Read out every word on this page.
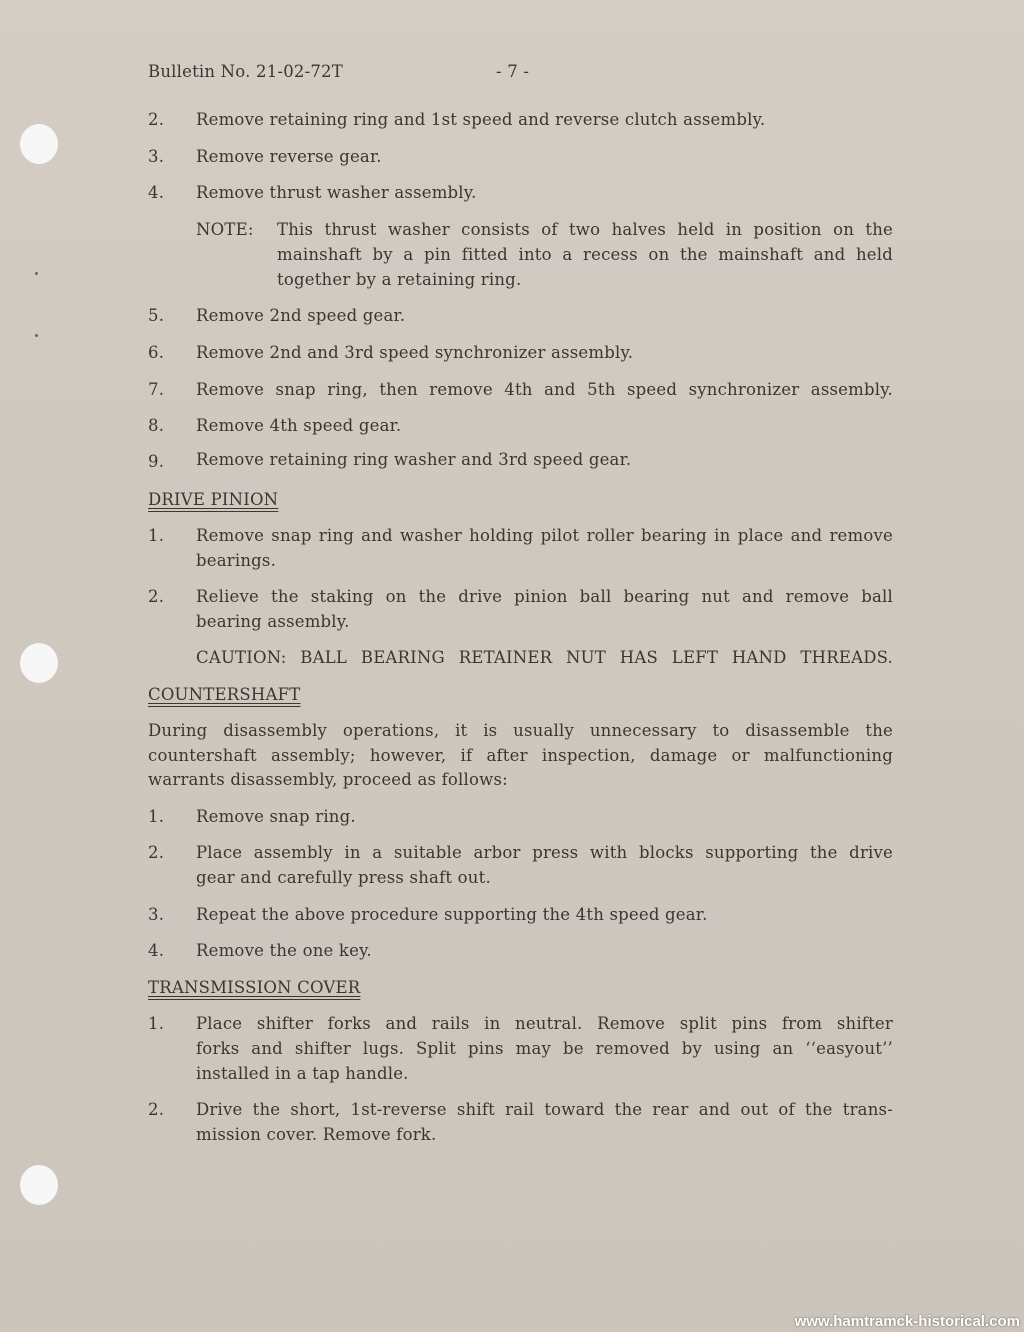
Bulletin No. 21-02-72T	- 7 -
2. Remove retaining ring and 1st speed and reverse clutch assembly.
3. Remove reverse gear.
4. Remove thrust washer assembly.
NOTE: This thrust washer consists of two halves held in position on the
mainshaft by a pin fitted into a recess on the mainshaft and held
together by a retaining ring.
5. Remove 2nd speed gear.
6. Remove 2nd and 3rd speed synchronizer assembly.
7. Remove snap ring, then remove 4th and 5th speed synchronizer assembly.
8. Remove 4th speed gear.
9. Remove retaining ring washer and 3rd speed gear.
DRIVE PINION
1. Remove snap ring and washer holding pilot roller bearing in place and remove
bearings.
2. Relieve the staking on the drive pinion ball bearing nut and remove ball
bearing assembly.
CAUTION: BALL BEARING RETAINER NUT HAS LEFT HAND THREADS.
COUNTERSHAFT
During disassembly operations, it is usually unnecessary to disassemble the
countershaft assembly; however, if after inspection, damage or malfunctioning
warrants disassembly, proceed as follows:
1. Remove snap ring.
2. Place assembly in a suitable arbor press with blocks supporting the drive
gear and carefully press shaft out.
3. Repeat the above procedure supporting the 4th speed gear.
4. Remove the one key.
TRANSMISSION COVER
1. Place shifter forks and rails in neutral. Remove split pins from shifter
forks and shifter lugs. Split pins may be removed by using an ‘‘easyout’’
installed in a tap handle.
2. Drive the short, 1st-reverse shift rail toward the rear and out of the trans-
mission cover. Remove fork.
www.hamtramck-historical.com
